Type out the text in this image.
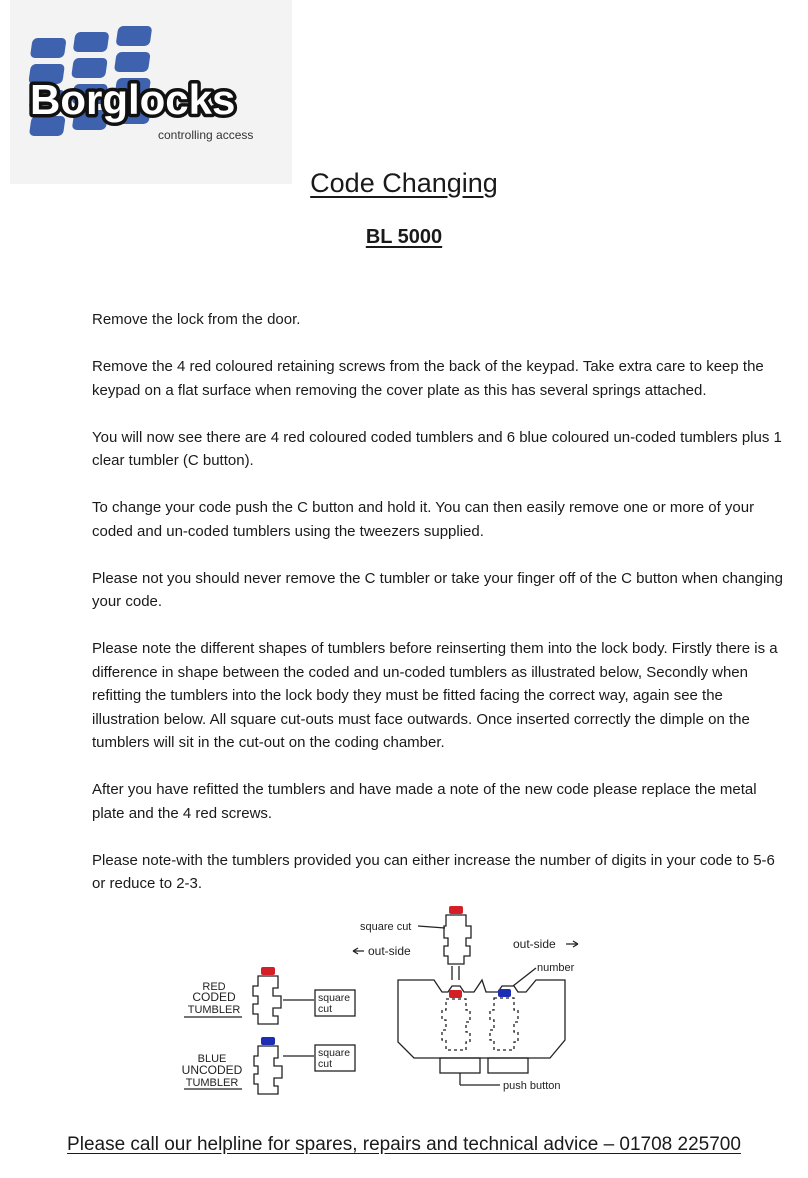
Borglocks
controlling access
Code Changing
BL 5000

Remove the lock from the door.

Remove the 4 red coloured retaining screws from the back of the keypad. Take extra care to keep the keypad on a flat surface when removing the cover plate as this has several springs attached.

You will now see there are 4 red coloured coded tumblers and 6 blue coloured un-coded tumblers plus 1 clear tumbler (C button).

To change your code push the C button and hold it. You can then easily remove one or more of your coded and un-coded tumblers using the tweezers supplied.

Please not you should never remove the C tumbler or take your finger off of the C button when changing your code.

Please note the different shapes of tumblers before reinserting them into the lock body. Firstly there is a difference in shape between the coded and un-coded tumblers as illustrated below, Secondly when refitting the tumblers into the lock body they must be fitted facing the correct way, again see the illustration below. All square cut-outs must face outwards. Once inserted correctly the dimple on the tumblers will sit in the cut-out on the coding chamber.

After you have refitted the tumblers and have made a note of the new code please replace the metal plate and the 4 red screws.

Please note-with the tumblers provided you can either increase the number of digits in your code to 5-6 or reduce to 2-3.

RED
CODED
TUMBLER
square
cut
BLUE
UNCODED
TUMBLER
square
cut
square cut
out-side
push button
out-side
number
Please call our helpline for spares, repairs and technical advice – 01708 225700
